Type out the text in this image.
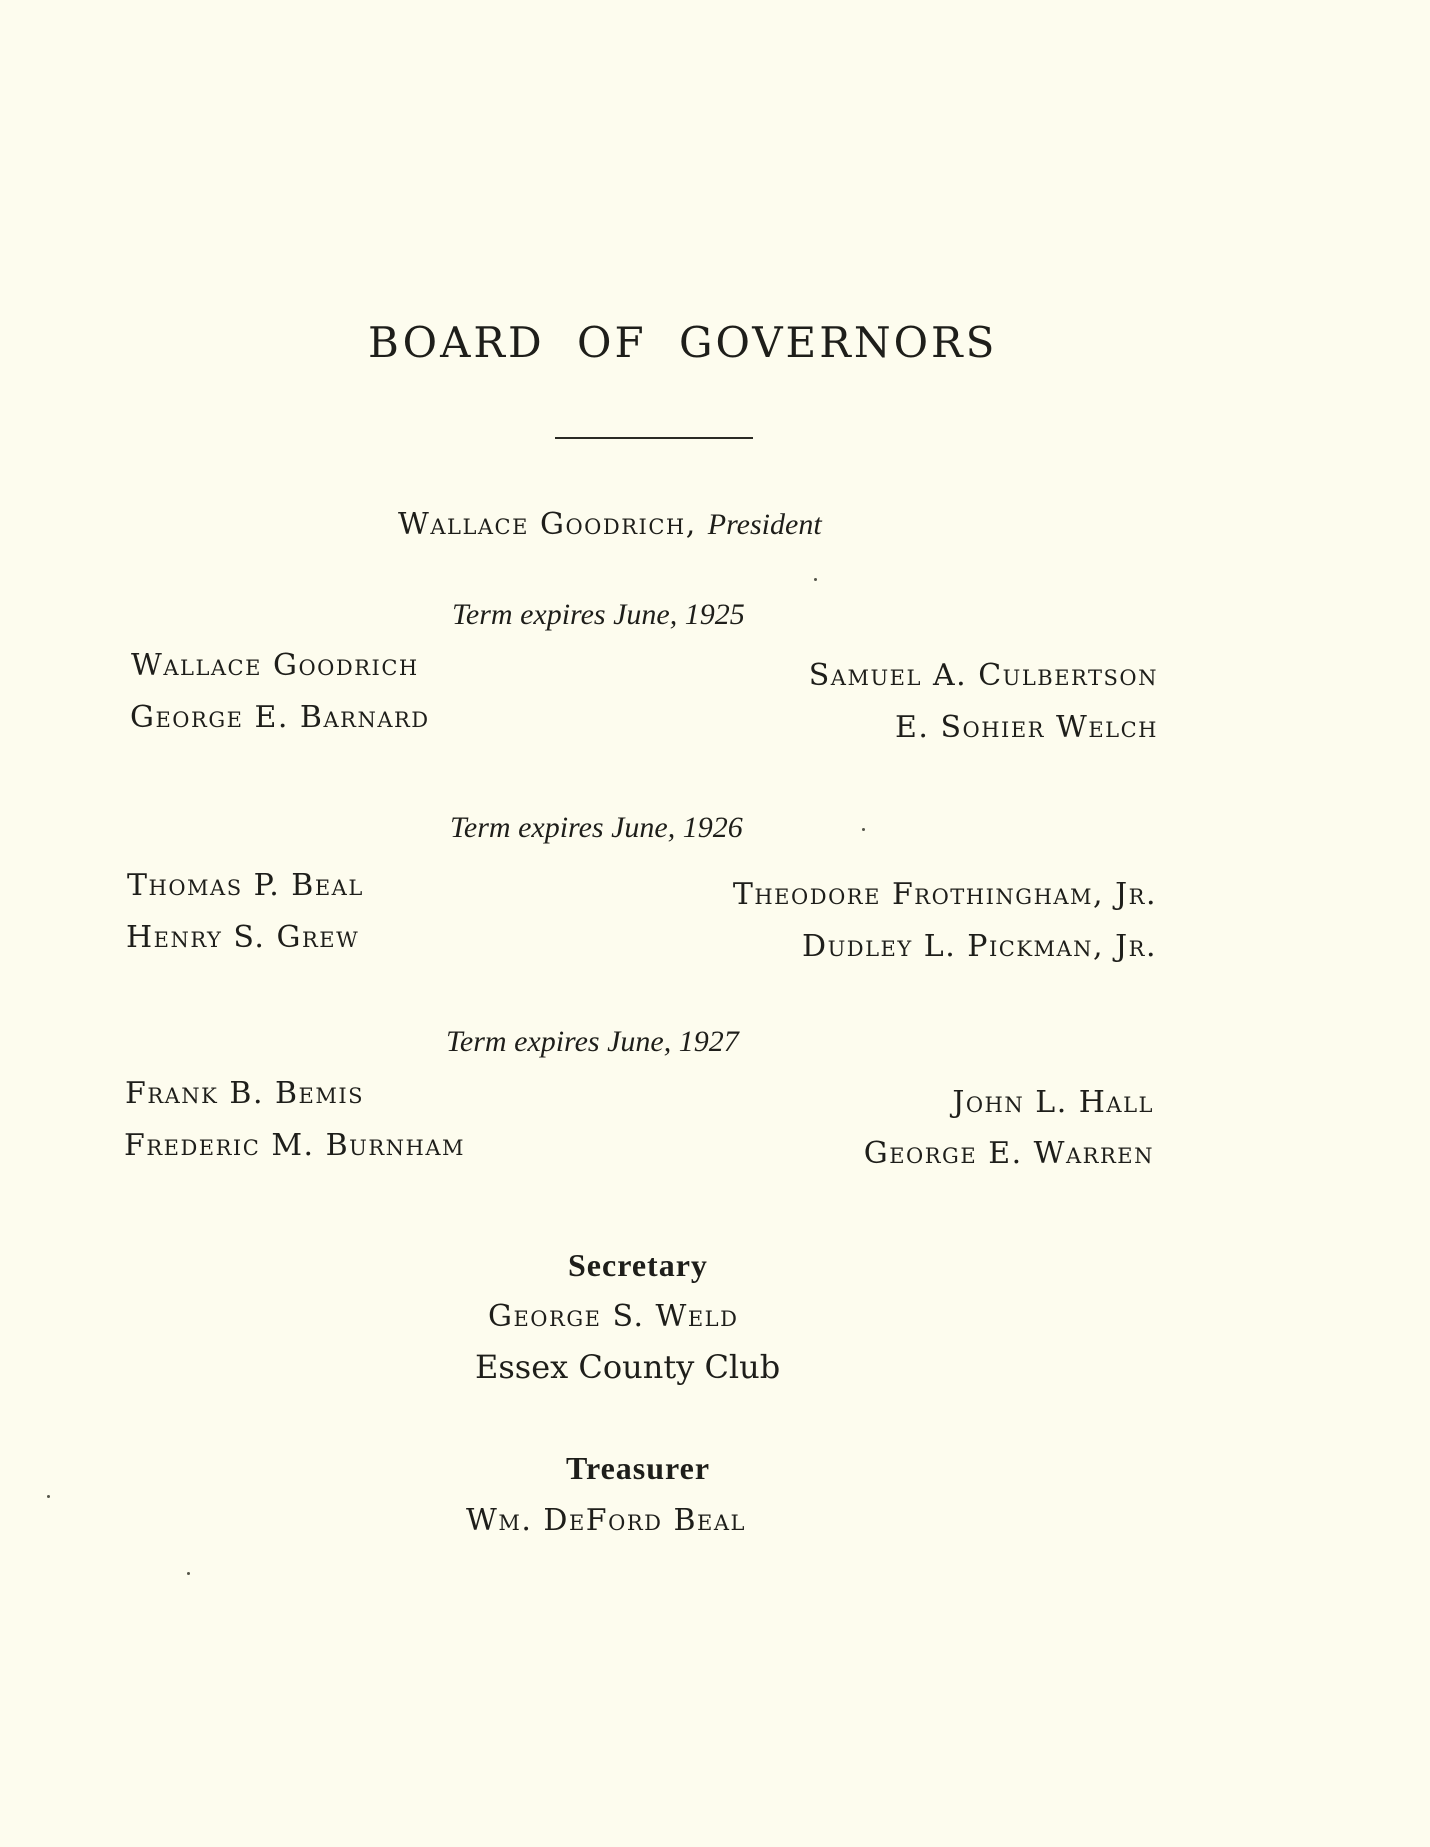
BOARD OF GOVERNORS
Wallace Goodrich, President
Term expires June, 1925
Wallace Goodrich
George E. Barnard
Samuel A. Culbertson
E. Sohier Welch
Term expires June, 1926
Thomas P. Beal
Henry S. Grew
Theodore Frothingham, Jr.
Dudley L. Pickman, Jr.
Term expires June, 1927
Frank B. Bemis
Frederic M. Burnham
John L. Hall
George E. Warren
Secretary
George S. Weld
Essex County Club
Treasurer
Wm. DeFord Beal
